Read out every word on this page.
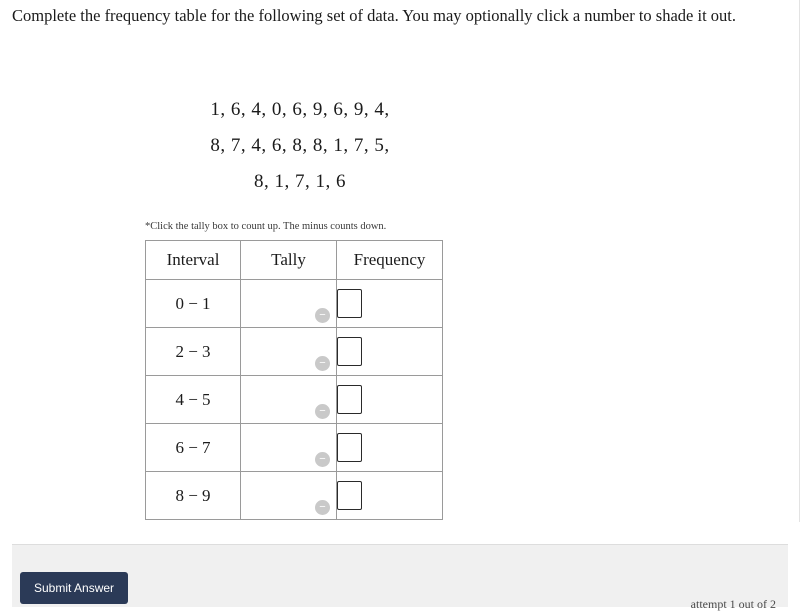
Complete the frequency table for the following set of data. You may optionally click a number to shade it out.
1, 6, 4, 0, 6, 9, 6, 9, 4,
8, 7, 4, 6, 8, 8, 1, 7, 5,
8, 1, 7, 1, 6
*Click the tally box to count up. The minus counts down.
Interval	Tally	Frequency
0 − 1	−

2 − 3	−

4 − 5	−

6 − 7	−

8 − 9	−

Submit Answer
attempt 1 out of 2
